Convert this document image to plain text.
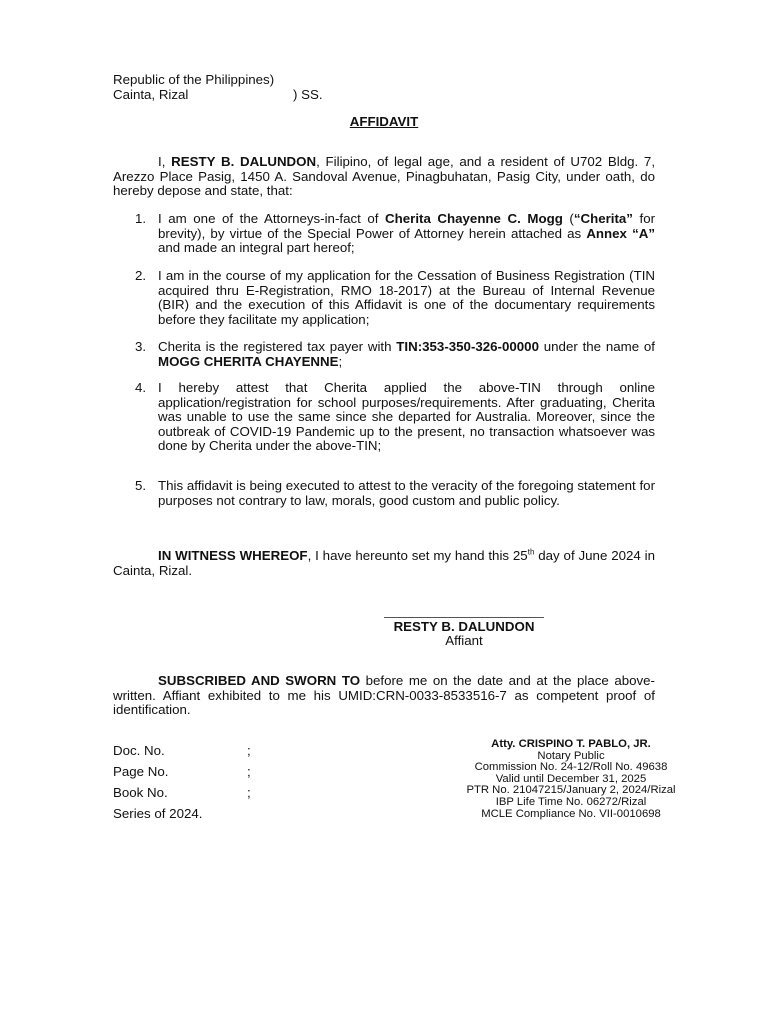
Republic of the Philippines)
Cainta, Rizal	) SS.
AFFIDAVIT
I, RESTY B. DALUNDON, Filipino, of legal age, and a resident of U702 Bldg. 7, Arezzo Place Pasig, 1450 A. Sandoval Avenue, Pinagbuhatan, Pasig City, under oath, do hereby depose and state, that:
1. I am one of the Attorneys-in-fact of Cherita Chayenne C. Mogg (“Cherita” for brevity), by virtue of the Special Power of Attorney herein attached as Annex “A” and made an integral part hereof;
2. I am in the course of my application for the Cessation of Business Registration (TIN acquired thru E-Registration, RMO 18-2017) at the Bureau of Internal Revenue (BIR) and the execution of this Affidavit is one of the documentary requirements before they facilitate my application;
3. Cherita is the registered tax payer with TIN:353-350-326-00000 under the name of MOGG CHERITA CHAYENNE;
4. I hereby attest that Cherita applied the above-TIN through online application/registration for school purposes/requirements. After graduating, Cherita was unable to use the same since she departed for Australia. Moreover, since the outbreak of COVID-19 Pandemic up to the present, no transaction whatsoever was done by Cherita under the above-TIN;
5. This affidavit is being executed to attest to the veracity of the foregoing statement for purposes not contrary to law, morals, good custom and public policy.
IN WITNESS WHEREOF, I have hereunto set my hand this 25th day of June 2024 in Cainta, Rizal.
RESTY B. DALUNDON
Affiant
SUBSCRIBED AND SWORN TO before me on the date and at the place above-written. Affiant exhibited to me his UMID:CRN-0033-8533516-7 as competent proof of identification.
Doc. No.	;
Page No.	;
Book No.	;
Series of 2024.
Atty. CRISPINO T. PABLO, JR.
Notary Public
Commission No. 24-12/Roll No. 49638
Valid until December 31, 2025
PTR No. 21047215/January 2, 2024/Rizal
IBP Life Time No. 06272/Rizal
MCLE Compliance No. VII-0010698
